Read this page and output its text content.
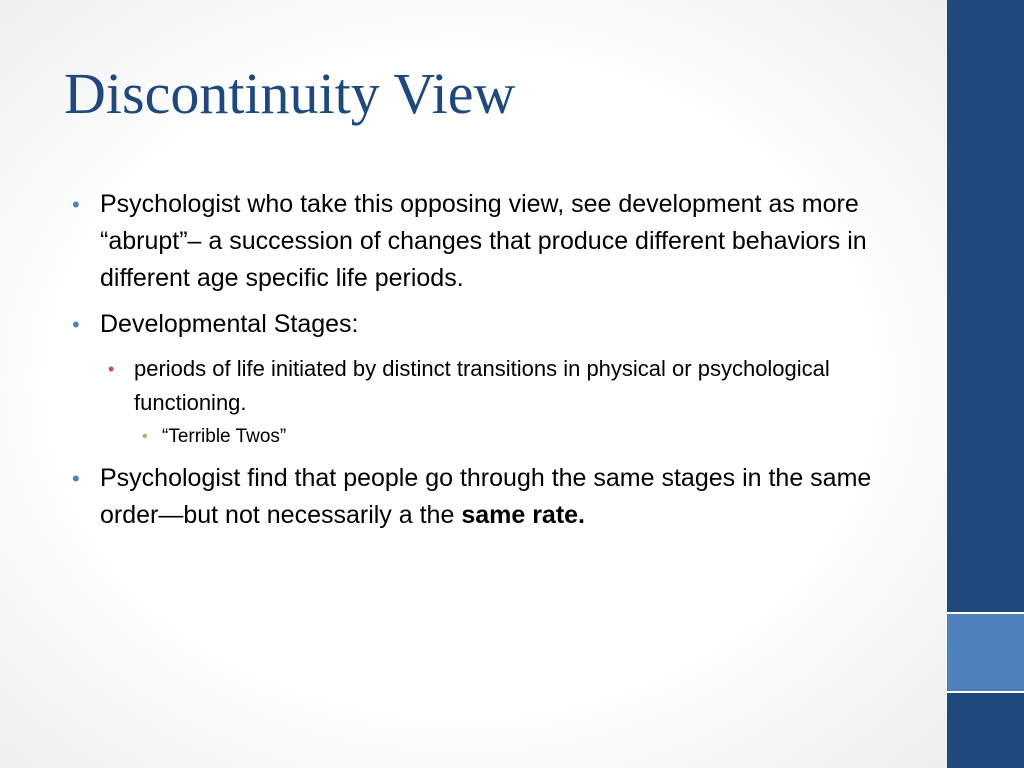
Discontinuity View
• Psychologist who take this opposing view, see development as more “abrupt”– a succession of changes that produce different behaviors in different age specific life periods.
• Developmental Stages:
• periods of life initiated by distinct transitions in physical or psychological functioning.
• “Terrible Twos”
• Psychologist find that people go through the same stages in the same order—but not necessarily a the same rate.
